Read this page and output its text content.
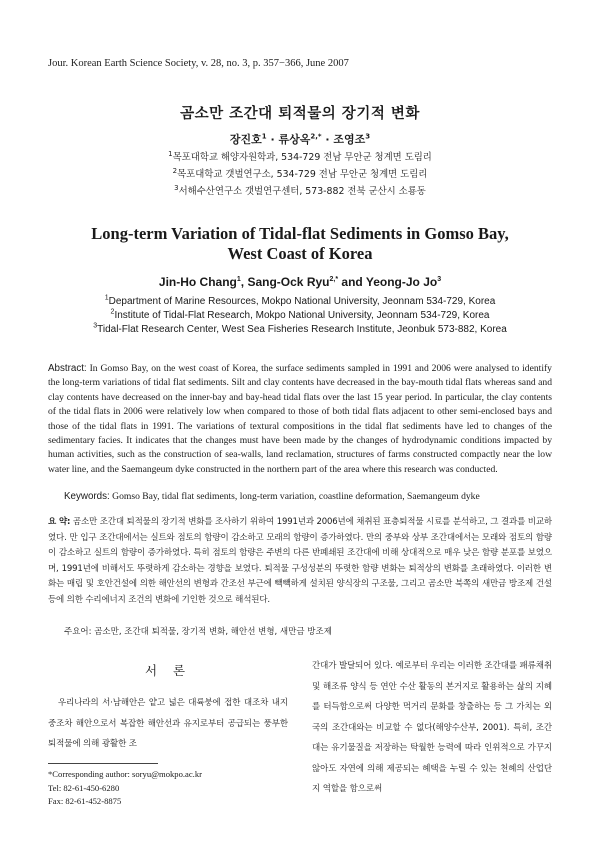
Jour. Korean Earth Science Society, v. 28, no. 3, p. 357−366, June 2007
곰소만 조간대 퇴적물의 장기적 변화
장진호$^1$ · 류상옥$^{2,*}$ · 조영조$^3$
$^1$목포대학교 해양자원학과, 534-729 전남 무안군 청계면 도림리
$^2$목포대학교 갯벌연구소, 534-729 전남 무안군 청계면 도림리
$^3$서해수산연구소 갯벌연구센터, 573-882 전북 군산시 소룡동
Long-term Variation of Tidal-flat Sediments in Gomso Bay,
West Coast of Korea
Jin-Ho Chang$^1$, Sang-Ock Ryu$^{2,*}$ and Yeong-Jo Jo$^3$
$^1$Department of Marine Resources, Mokpo National University, Jeonnam 534-729, Korea
$^2$Institute of Tidal-Flat Research, Mokpo National University, Jeonnam 534-729, Korea
$^3$Tidal-Flat Research Center, West Sea Fisheries Research Institute, Jeonbuk 573-882, Korea
Abstract: In Gomso Bay, on the west coast of Korea, the surface sediments sampled in 1991 and 2006 were analysed to identify the long-term variations of tidal flat sediments. Silt and clay contents have decreased in the bay-mouth tidal flats whereas sand and clay contents have decreased on the inner-bay and bay-head tidal flats over the last 15 year period. In particular, the clay contents of the tidal flats in 2006 were relatively low when compared to those of both tidal flats adjacent to other semi-enclosed bays and those of the tidal flats in 1991. The variations of textural compositions in the tidal flat sediments have led to changes of the sedimentary facies. It indicates that the changes must have been made by the changes of hydrodynamic conditions impacted by human activities, such as the construction of sea-walls, land reclamation, structures of farms constructed compactly near the low water line, and the Saemangeum dyke constructed in the northern part of the area where this research was conducted.
Keywords: Gomso Bay, tidal flat sediments, long-term variation, coastline deformation, Saemangeum dyke
요 약: 곰소만 조간대 퇴적물의 장기적 변화를 조사하기 위하여 1991년과 2006년에 채취된 표층퇴적물 시료를 분석하고, 그 결과를 비교하였다. 만 입구 조간대에서는 실트와 점토의 함량이 감소하고 모래의 함량이 증가하였다. 만의 중부와 상부 조간대에서는 모래와 점토의 함량이 감소하고 실트의 함량이 증가하였다. 특히 점토의 함량은 주변의 다른 반폐쇄된 조간대에 비해 상대적으로 매우 낮은 함량 분포를 보였으며, 1991년에 비해서도 뚜렷하게 감소하는 경향을 보였다. 퇴적물 구성성분의 뚜렷한 함량 변화는 퇴적상의 변화를 초래하였다. 이러한 변화는 매립 및 호안건설에 의한 해안선의 변형과 간조선 부근에 빽빽하게 설치된 양식장의 구조물, 그리고 곰소만 북쪽의 새만금 방조제 건설 등에 의한 수리에너지 조건의 변화에 기인한 것으로 해석된다.
주요어: 곰소만, 조간대 퇴적물, 장기적 변화, 해안선 변형, 새만금 방조제
서 론
우리나라의 서·남해안은 얕고 넓은 대륙붕에 접한 대조차 내지 중조차 해안으로서 복잡한 해안선과 유지로부터 공급되는 풍부한 퇴적물에 의해 광활한 조
*Corresponding author: soryu@mokpo.ac.kr
Tel: 82-61-450-6280
Fax: 82-61-452-8875
간대가 발달되어 있다. 예로부터 우리는 이러한 조간대를 패류채취 및 해조류 양식 등 연안 수산 활동의 본거지로 활용하는 삶의 지혜를 터득함으로써 다양한 먹거리 문화를 창출하는 등 그 가치는 외국의 조간대와는 비교할 수 없다(해양수산부, 2001). 특히, 조간대는 유기물질을 저장하는 탁월한 능력에 따라 인위적으로 가꾸지 않아도 자연에 의해 제공되는 혜택을 누릴 수 있는 천혜의 산업단지 역할을 함으로써
